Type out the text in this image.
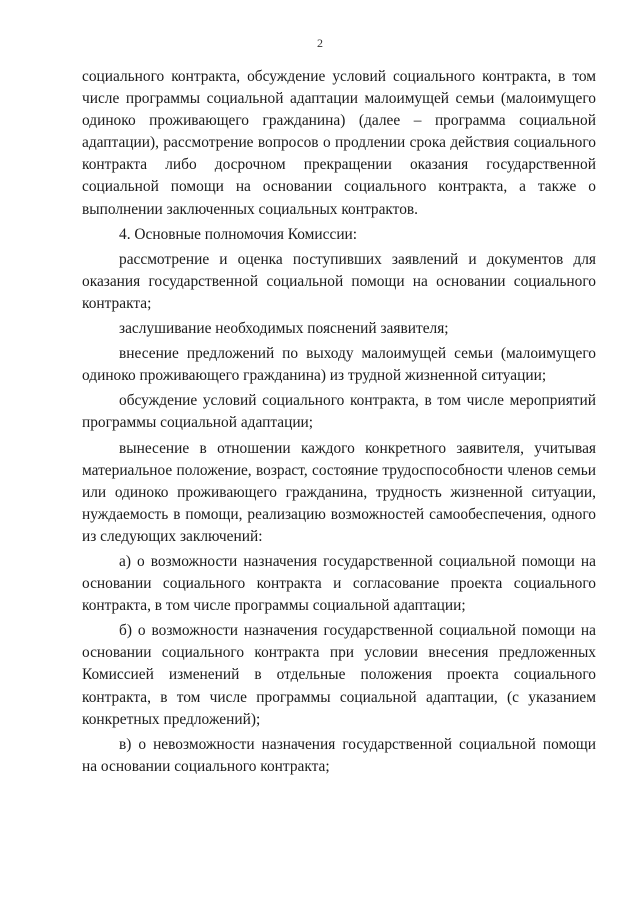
2

социального контракта, обсуждение условий социального контракта, в том числе программы социальной адаптации малоимущей семьи (малоимущего одиноко проживающего гражданина) (далее – программа социальной адаптации), рассмотрение вопросов о продлении срока действия социального контракта либо досрочном прекращении оказания государственной социальной помощи на основании социального контракта, а также о выполнении заключенных социальных контрактов.

4. Основные полномочия Комиссии:

рассмотрение и оценка поступивших заявлений и документов для оказания государственной социальной помощи на основании социального контракта;

заслушивание необходимых пояснений заявителя;

внесение предложений по выходу малоимущей семьи (малоимущего одиноко проживающего гражданина) из трудной жизненной ситуации;

обсуждение условий социального контракта, в том числе мероприятий программы социальной адаптации;

вынесение в отношении каждого конкретного заявителя, учитывая материальное положение, возраст, состояние трудоспособности членов семьи или одиноко проживающего гражданина, трудность жизненной ситуации, нуждаемость в помощи, реализацию возможностей самообеспечения, одного из следующих заключений:

а) о возможности назначения государственной социальной помощи на основании социального контракта и согласование проекта социального контракта, в том числе программы социальной адаптации;

б) о возможности назначения государственной социальной помощи на основании социального контракта при условии внесения предложенных Комиссией изменений в отдельные положения проекта социального контракта, в том числе программы социальной адаптации, (с указанием конкретных предложений);

в) о невозможности назначения государственной социальной помощи на основании социального контракта;
